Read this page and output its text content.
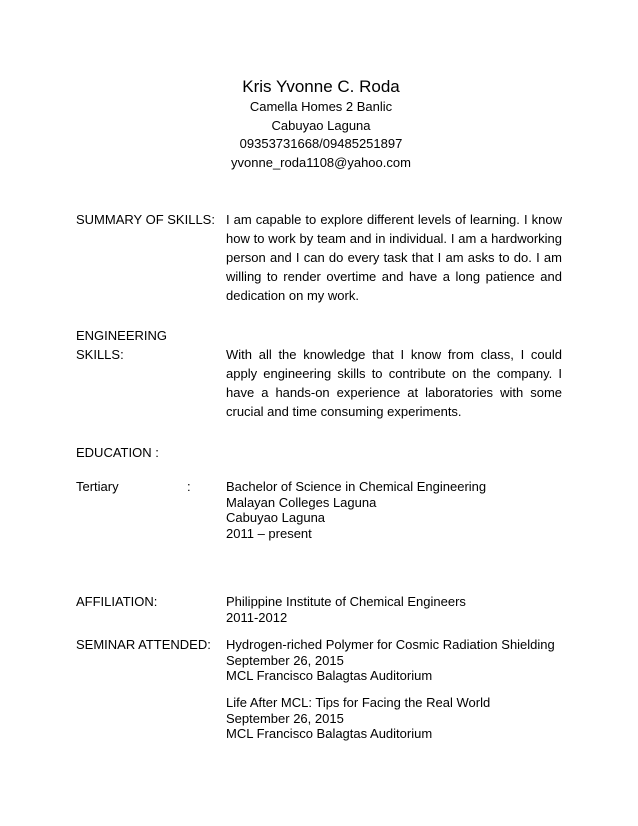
Kris Yvonne C. Roda
Camella Homes 2 Banlic
Cabuyao Laguna
09353731668/09485251897
yvonne_roda1108@yahoo.com
SUMMARY OF SKILLS: I am capable to explore different levels of learning. I know how to work by team and in individual. I am a hardworking person and I can do every task that I am asks to do. I am willing to render overtime and have a long patience and dedication on my work.
ENGINEERING
SKILLS:	With all the knowledge that I know from class, I could apply engineering skills to contribute on the company. I have a hands-on experience at laboratories with some crucial and time consuming experiments.
EDUCATION :
Tertiary	:	Bachelor of Science in Chemical Engineering
Malayan Colleges Laguna
Cabuyao Laguna
2011 – present
AFFILIATION:	Philippine Institute of Chemical Engineers
2011-2012
SEMINAR ATTENDED: Hydrogen-riched Polymer for Cosmic Radiation Shielding
September 26, 2015
MCL Francisco Balagtas Auditorium
Life After MCL: Tips for Facing the Real World
September 26, 2015
MCL Francisco Balagtas Auditorium
